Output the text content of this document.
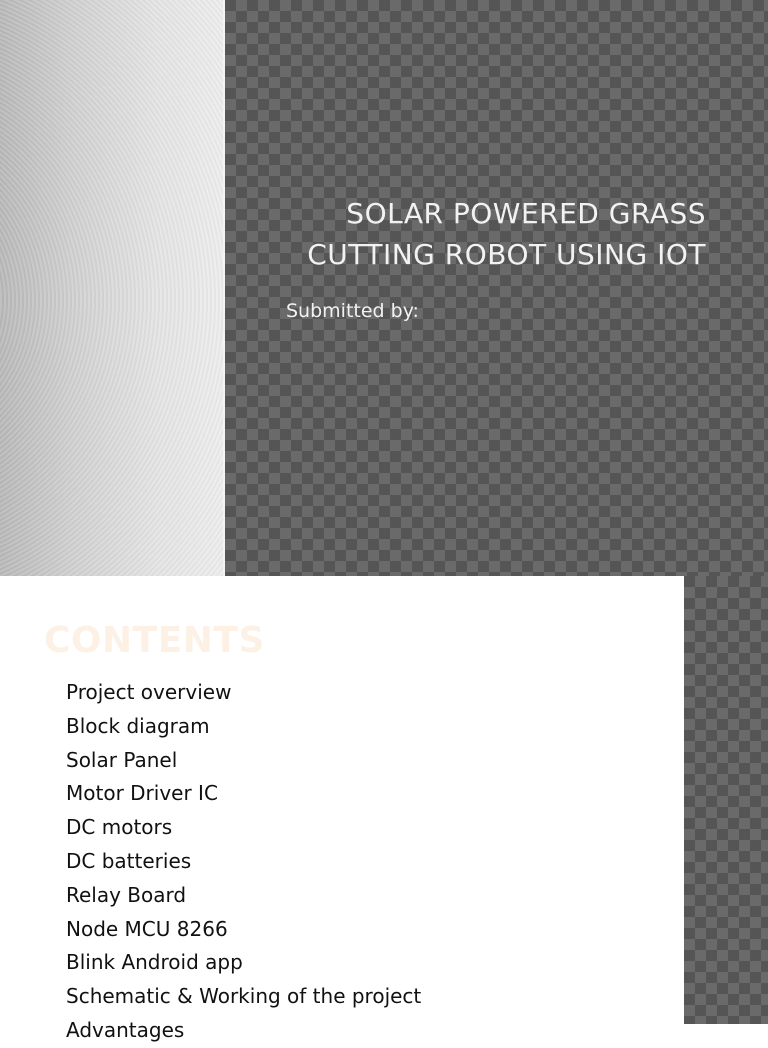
SOLAR POWERED GRASS
CUTTING ROBOT USING IOT

Submitted by:

CONTENTS
Project overview
Block diagram
Solar Panel
Motor Driver IC
DC motors
DC batteries
Relay Board
Node MCU 8266
Blink Android app
Schematic & Working of the project
Advantages
